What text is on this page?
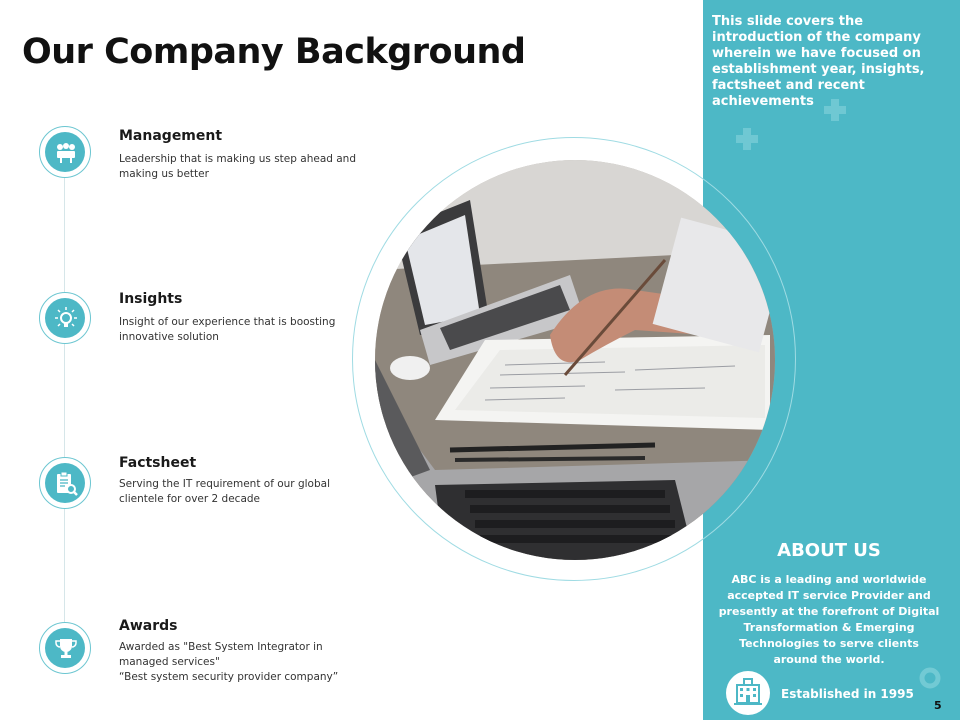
Our Company Background
This slide covers the introduction of the company wherein we have focused on establishment year, insights, factsheet and recent achievements
Management
Leadership that is making us step ahead and making us better
Insights
Insight of our experience that is boosting innovative solution
Factsheet
Serving the IT requirement of our global clientele for over 2 decade
Awards
Awarded as "Best System Integrator in managed services"
“Best system security provider company”
ABOUT US
ABC is a leading and worldwide accepted IT service Provider and presently at the forefront of Digital Transformation & Emerging Technologies to serve clients around the world.
Established in 1995
5
